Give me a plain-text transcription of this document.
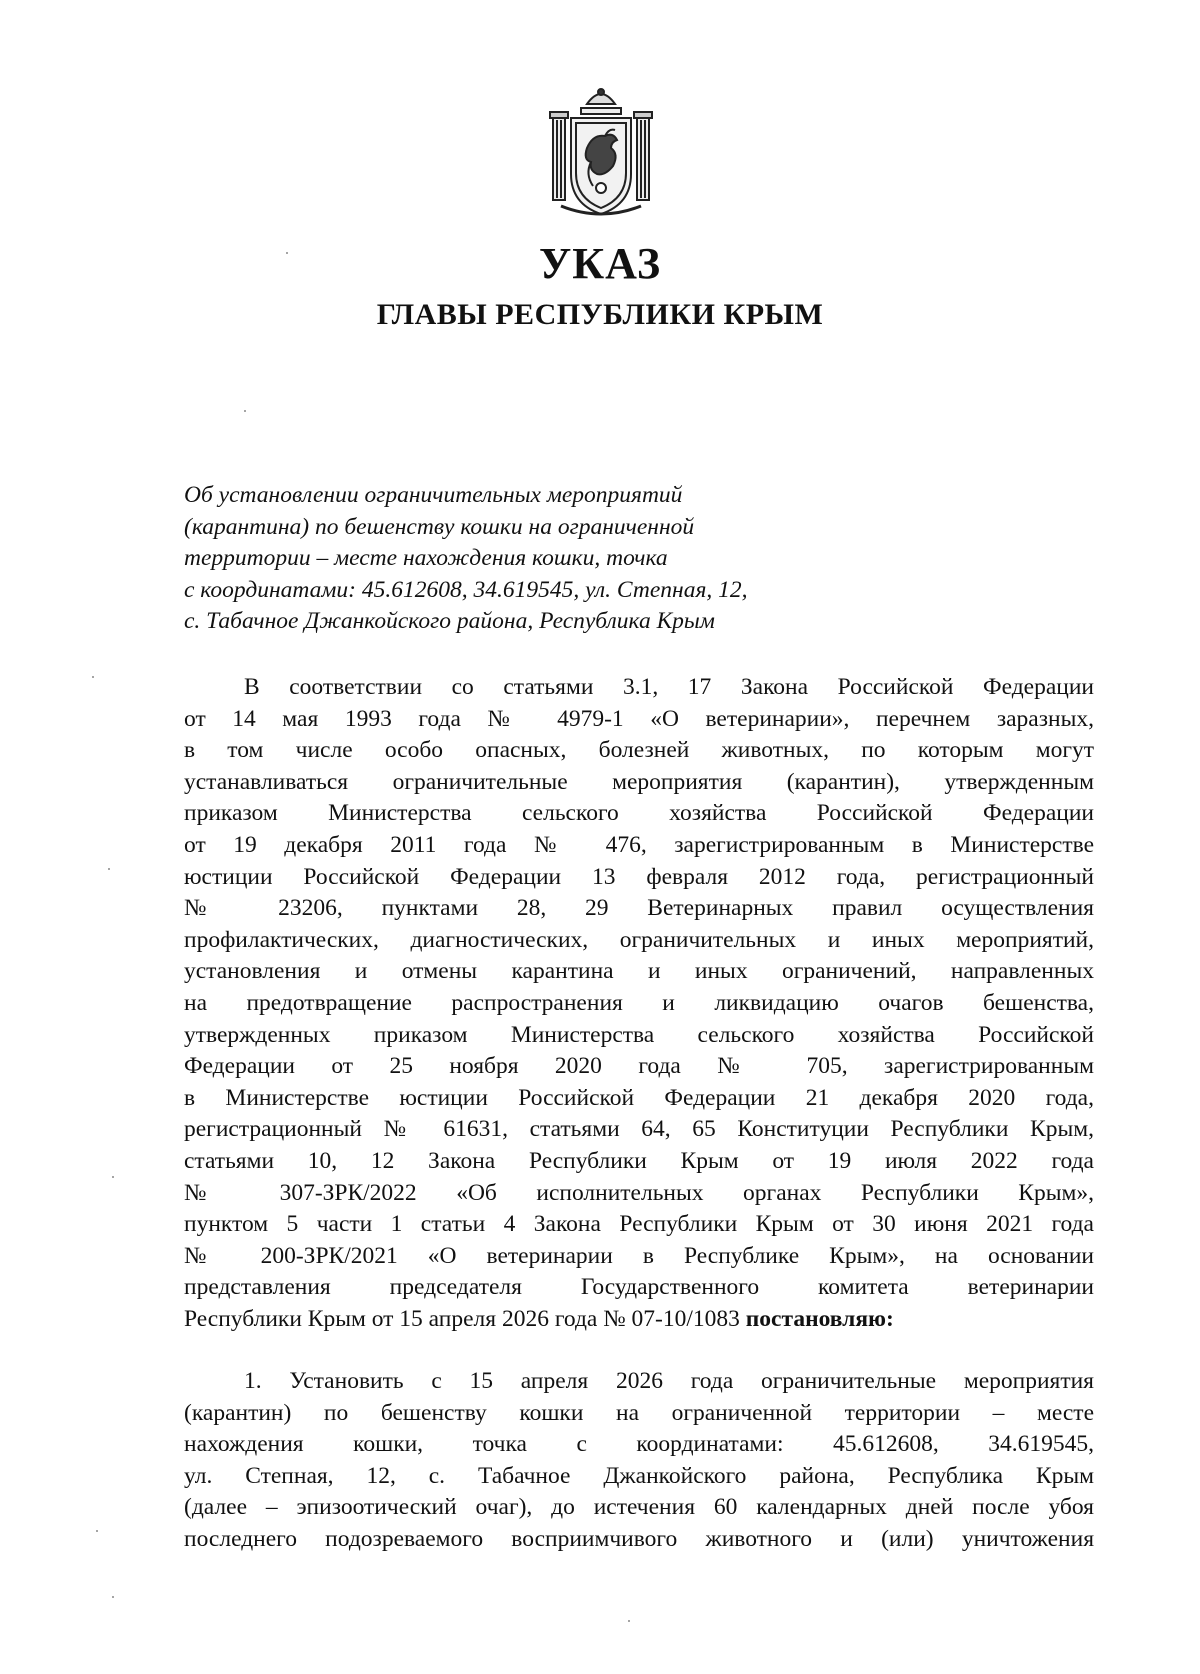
УКАЗ
ГЛАВЫ РЕСПУБЛИКИ КРЫМ

Об установлении ограничительных мероприятий
(карантина) по бешенству кошки на ограниченной
территории – месте нахождения кошки, точка
с координатами: 45.612608, 34.619545, ул. Степная, 12,
с. Табачное Джанкойского района, Республика Крым

В соответствии со статьями 3.1, 17 Закона Российской Федерации
от 14 мая 1993 года № 4979-1 «О ветеринарии», перечнем заразных,
в том числе особо опасных, болезней животных, по которым могут
устанавливаться ограничительные мероприятия (карантин), утвержденным
приказом Министерства сельского хозяйства Российской Федерации
от 19 декабря 2011 года № 476, зарегистрированным в Министерстве
юстиции Российской Федерации 13 февраля 2012 года, регистрационный
№ 23206, пунктами 28, 29 Ветеринарных правил осуществления
профилактических, диагностических, ограничительных и иных мероприятий,
установления и отмены карантина и иных ограничений, направленных
на предотвращение распространения и ликвидацию очагов бешенства,
утвержденных приказом Министерства сельского хозяйства Российской
Федерации от 25 ноября 2020 года № 705, зарегистрированным
в Министерстве юстиции Российской Федерации 21 декабря 2020 года,
регистрационный № 61631, статьями 64, 65 Конституции Республики Крым,
статьями 10, 12 Закона Республики Крым от 19 июля 2022 года
№ 307-ЗРК/2022 «Об исполнительных органах Республики Крым»,
пунктом 5 части 1 статьи 4 Закона Республики Крым от 30 июня 2021 года
№ 200-ЗРК/2021 «О ветеринарии в Республике Крым», на основании
представления председателя Государственного комитета ветеринарии
Республики Крым от 15 апреля 2026 года № 07-10/1083 постановляю:
1. Установить с 15 апреля 2026 года ограничительные мероприятия
(карантин) по бешенству кошки на ограниченной территории – месте
нахождения кошки, точка с координатами: 45.612608, 34.619545,
ул. Степная, 12, с. Табачное Джанкойского района, Республика Крым
(далее – эпизоотический очаг), до истечения 60 календарных дней после убоя
последнего подозреваемого восприимчивого животного и (или) уничтожения
